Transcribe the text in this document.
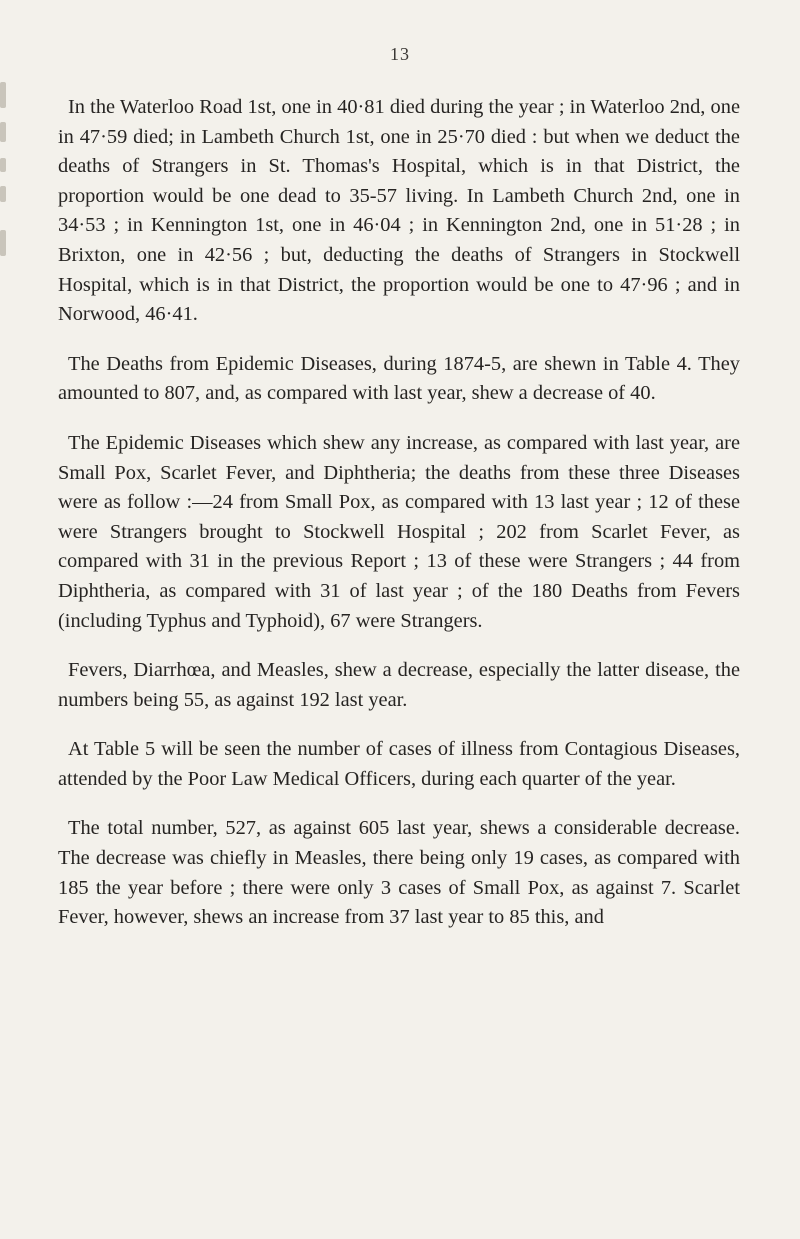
13

In the Waterloo Road 1st, one in 40·81 died during the year ; in Waterloo 2nd, one in 47·59 died; in Lambeth Church 1st, one in 25·70 died : but when we deduct the deaths of Strangers in St. Thomas's Hospital, which is in that District, the proportion would be one dead to 35-57 living. In Lambeth Church 2nd, one in 34·53 ; in Kennington 1st, one in 46·04 ; in Kennington 2nd, one in 51·28 ; in Brixton, one in 42·56 ; but, deducting the deaths of Strangers in Stockwell Hospital, which is in that District, the proportion would be one to 47·96 ; and in Norwood, 46·41.

The Deaths from Epidemic Diseases, during 1874-5, are shewn in Table 4. They amounted to 807, and, as compared with last year, shew a decrease of 40.

The Epidemic Diseases which shew any increase, as compared with last year, are Small Pox, Scarlet Fever, and Diphtheria; the deaths from these three Diseases were as follow :—24 from Small Pox, as compared with 13 last year ; 12 of these were Strangers brought to Stockwell Hospital ; 202 from Scarlet Fever, as compared with 31 in the previous Report ; 13 of these were Strangers ; 44 from Diphtheria, as compared with 31 of last year ; of the 180 Deaths from Fevers (including Typhus and Typhoid), 67 were Strangers.

Fevers, Diarrhœa, and Measles, shew a decrease, especially the latter disease, the numbers being 55, as against 192 last year.

At Table 5 will be seen the number of cases of illness from Contagious Diseases, attended by the Poor Law Medical Officers, during each quarter of the year.

The total number, 527, as against 605 last year, shews a considerable decrease. The decrease was chiefly in Measles, there being only 19 cases, as compared with 185 the year before ; there were only 3 cases of Small Pox, as against 7. Scarlet Fever, however, shews an increase from 37 last year to 85 this, and
